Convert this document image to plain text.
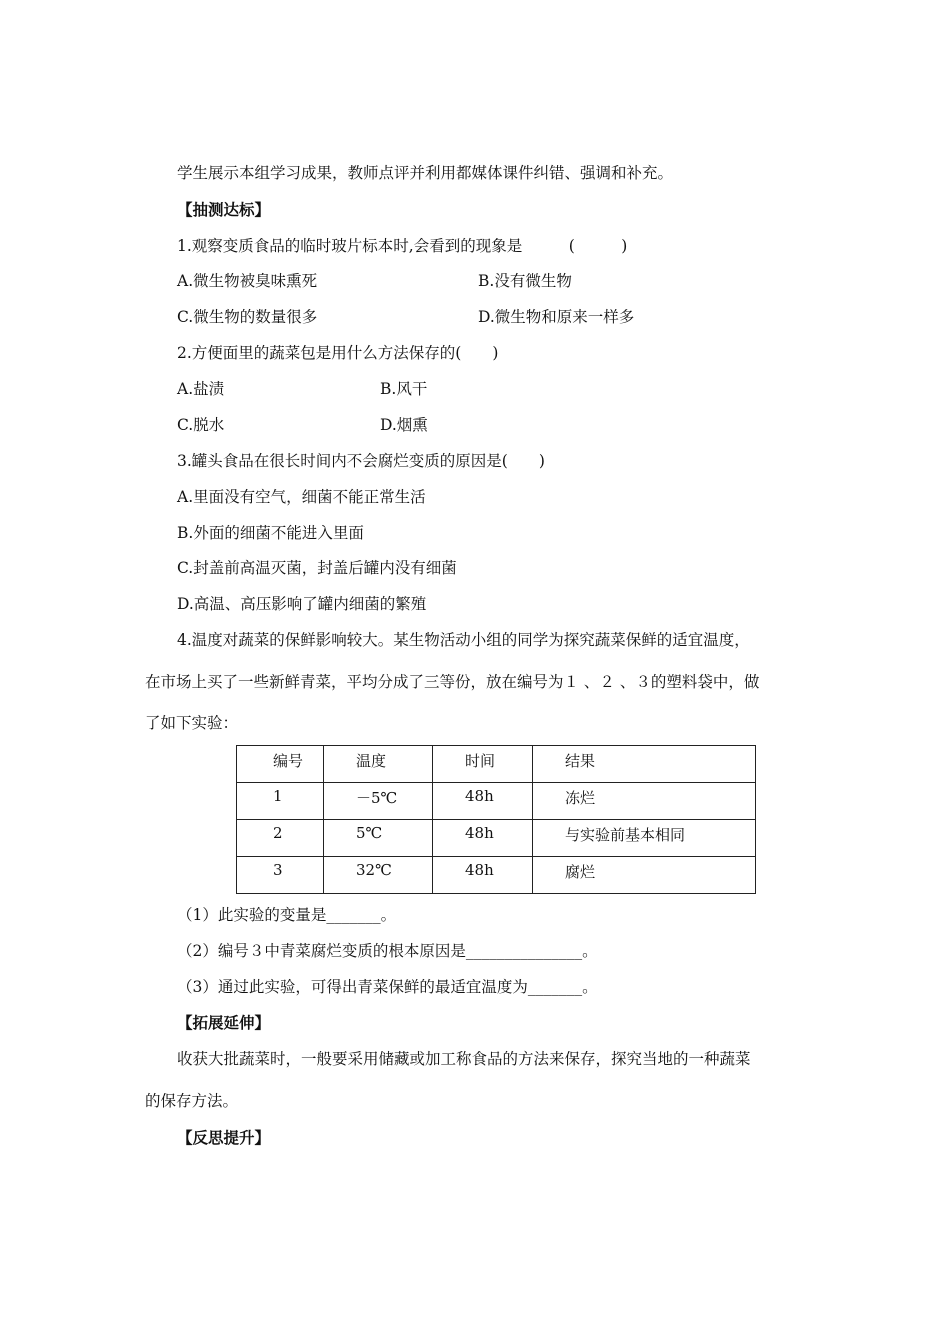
学生展示本组学习成果，教师点评并利用都媒体课件纠错、强调和补充。
【抽测达标】
1.观察变质食品的临时玻片标本时,会看到的现象是　　　(　　　)
A.微生物被臭味熏死	B.没有微生物
C.微生物的数量很多	D.微生物和原来一样多
2.方便面里的蔬菜包是用什么方法保存的(　　)
A.盐渍	B.风干
C.脱水	D.烟熏
3.罐头食品在很长时间内不会腐烂变质的原因是(　　)
A.里面没有空气，细菌不能正常生活
B.外面的细菌不能进入里面
C.封盖前高温灭菌，封盖后罐内没有细菌
D.高温、高压影响了罐内细菌的繁殖
4.温度对蔬菜的保鲜影响较大。某生物活动小组的同学为探究蔬菜保鲜的适宜温度，
在市场上买了一些新鲜青菜，平均分成了三等份，放在编号为１ 、２ 、３的塑料袋中，做
了如下实验：
编号	温度	时间	结果
1	－5℃	48h	冻烂
2	5℃	48h	与实验前基本相同
3	32℃	48h	腐烂
（1）此实验的变量是_______。
（2）编号３中青菜腐烂变质的根本原因是_______________。
（3）通过此实验，可得出青菜保鲜的最适宜温度为_______。
【拓展延伸】
收获大批蔬菜时，一般要采用储藏或加工称食品的方法来保存，探究当地的一种蔬菜
的保存方法。
【反思提升】
